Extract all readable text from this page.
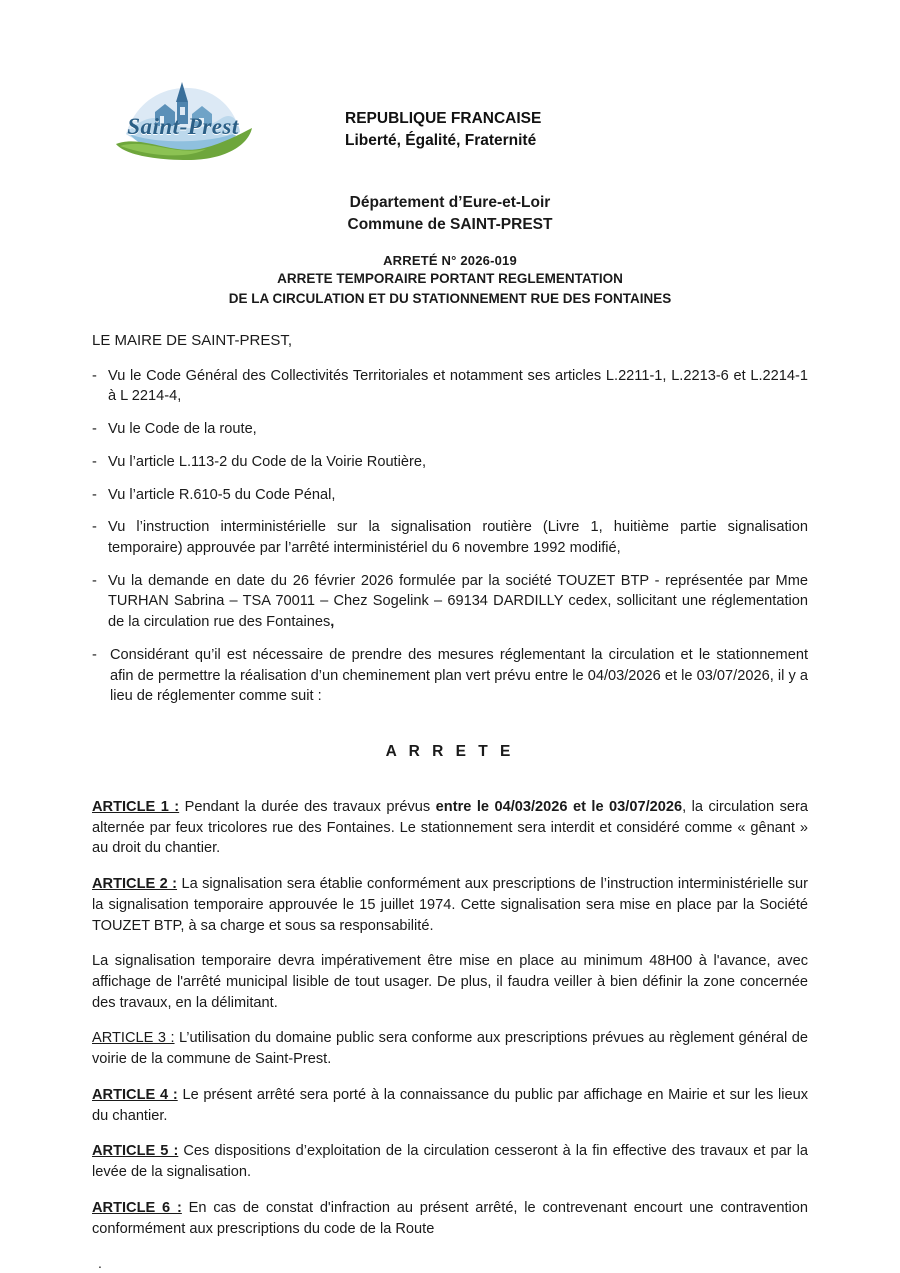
Saint-Prest	REPUBLIQUE FRANCAISE
Liberté, Égalité, Fraternité
Département d’Eure-et-Loir
Commune de SAINT-PREST
ARRETÉ N° 2026-019
ARRETE TEMPORAIRE PORTANT REGLEMENTATION
DE LA CIRCULATION ET DU STATIONNEMENT RUE DES FONTAINES
LE MAIRE DE SAINT-PREST,
- Vu le Code Général des Collectivités Territoriales et notamment ses articles L.2211-1, L.2213-6 et L.2214-1 à L 2214-4,
- Vu le Code de la route,
- Vu l’article L.113-2 du Code de la Voirie Routière,
- Vu l’article R.610-5 du Code Pénal,
- Vu l’instruction interministérielle sur la signalisation routière (Livre 1, huitième partie signalisation temporaire) approuvée par l’arrêté interministériel du 6 novembre 1992 modifié,
- Vu la demande en date du 26 février 2026 formulée par la société TOUZET BTP - représentée par Mme TURHAN Sabrina – TSA 70011 – Chez Sogelink – 69134 DARDILLY cedex, sollicitant une réglementation de la circulation rue des Fontaines,
- Considérant qu’il est nécessaire de prendre des mesures réglementant la circulation et le stationnement afin de permettre la réalisation d’un cheminement plan vert prévu entre le 04/03/2026 et le 03/07/2026, il y a lieu de réglementer comme suit :
A R R E T E
ARTICLE 1 : Pendant la durée des travaux prévus entre le 04/03/2026 et le 03/07/2026, la circulation sera alternée par feux tricolores rue des Fontaines. Le stationnement sera interdit et considéré comme « gênant » au droit du chantier.
ARTICLE 2 : La signalisation sera établie conformément aux prescriptions de l’instruction interministérielle sur la signalisation temporaire approuvée le 15 juillet 1974. Cette signalisation sera mise en place par la Société TOUZET BTP, à sa charge et sous sa responsabilité.
La signalisation temporaire devra impérativement être mise en place au minimum 48H00 à l'avance, avec affichage de l'arrêté municipal lisible de tout usager. De plus, il faudra veiller à bien définir la zone concernée des travaux, en la délimitant.
ARTICLE 3 : L’utilisation du domaine public sera conforme aux prescriptions prévues au règlement général de voirie de la commune de Saint-Prest.
ARTICLE 4 : Le présent arrêté sera porté à la connaissance du public par affichage en Mairie et sur les lieux du chantier.
ARTICLE 5 : Ces dispositions d’exploitation de la circulation cesseront à la fin effective des travaux et par la levée de la signalisation.
ARTICLE 6 : En cas de constat d'infraction au présent arrêté, le contrevenant encourt une contravention conformément aux prescriptions du code de la Route
.
